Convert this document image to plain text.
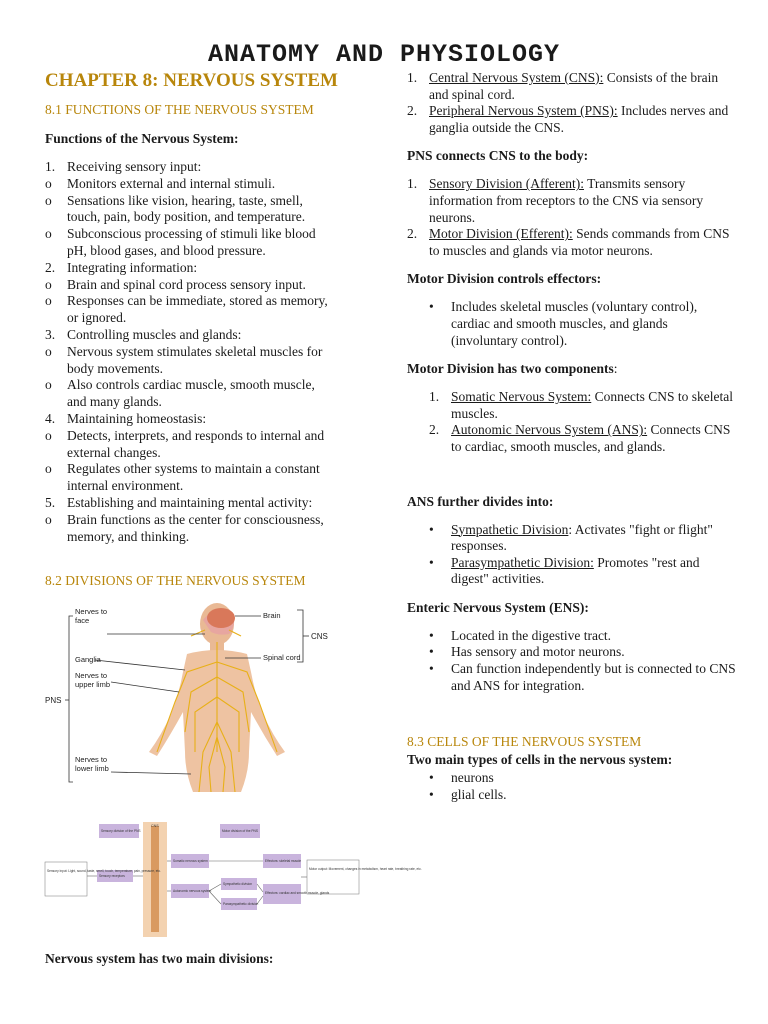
ANATOMY AND PHYSIOLOGY
CHAPTER 8: NERVOUS SYSTEM
8.1 FUNCTIONS OF THE NERVOUS SYSTEM
Functions of the Nervous System:
1. Receiving sensory input:
o	Monitors external and internal stimuli.
o	Sensations like vision, hearing, taste, smell,
touch, pain, body position, and temperature.
o	Subconscious processing of stimuli like blood
pH, blood gases, and blood pressure.
2. Integrating information:
o	Brain and spinal cord process sensory input.
o	Responses can be immediate, stored as memory,
or ignored.
3. Controlling muscles and glands:
o	Nervous system stimulates skeletal muscles for
body movements.
o	Also controls cardiac muscle, smooth muscle,
and many glands.
4. Maintaining homeostasis:
o	Detects, interprets, and responds to internal and
external changes.
o	Regulates other systems to maintain a constant
internal environment.
5. Establishing and maintaining mental activity:
o	Brain functions as the center for consciousness,
memory, and thinking.
8.2 DIVISIONS OF THE NERVOUS SYSTEM
Brain
CNS
Spinal cord
Nerves to
face
Ganglia
Nerves to
upper limb
PNS
Nerves to
lower limb
Sensory division of the PNS
CNS
Motor division of the PNS
Sensory input: Light, sound, taste, smell, touch, temperature, pain, pressure, etc.
Sensory receptors
Somatic nervous system	Effectors: skeletal muscle
Autonomic nervous system
Sympathetic division
Parasympathetic division
Effectors: cardiac and smooth muscle, glands
Motor output: Movement, changes in metabolism, heart rate, breathing rate, etc.
Nervous system has two main divisions:
1. Central Nervous System (CNS): Consists of the brain and spinal cord.
2. Peripheral Nervous System (PNS): Includes nerves and ganglia outside the CNS.
PNS connects CNS to the body:
1. Sensory Division (Afferent): Transmits sensory information from receptors to the CNS via sensory neurons.
2. Motor Division (Efferent): Sends commands from CNS to muscles and glands via motor neurons.
Motor Division controls effectors:
•	Includes skeletal muscles (voluntary control), cardiac and smooth muscles, and glands (involuntary control).
Motor Division has two components:
1. Somatic Nervous System: Connects CNS to skeletal muscles.
2. Autonomic Nervous System (ANS): Connects CNS to cardiac, smooth muscles, and glands.
ANS further divides into:
•	Sympathetic Division: Activates "fight or flight" responses.
•	Parasympathetic Division: Promotes "rest and digest" activities.
Enteric Nervous System (ENS):
•	Located in the digestive tract.
•	Has sensory and motor neurons.
•	Can function independently but is connected to CNS and ANS for integration.
8.3 CELLS OF THE NERVOUS SYSTEM
Two main types of cells in the nervous system:
•	neurons
•	glial cells.
